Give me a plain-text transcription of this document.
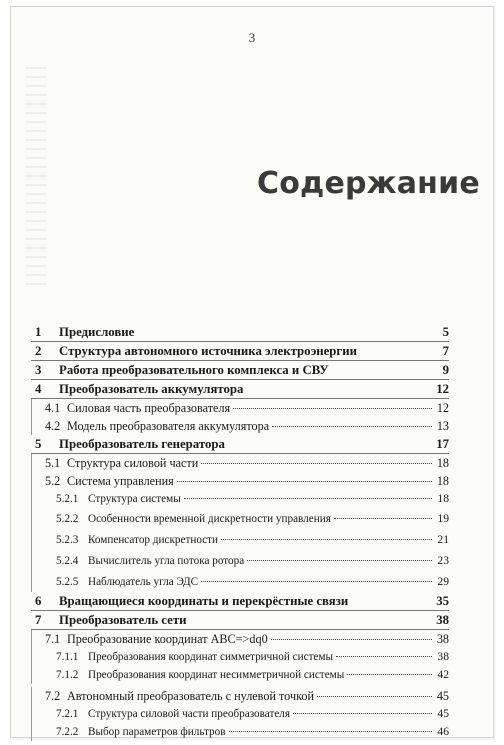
3
Содержание
1	Предисловие	5
2	Структура автономного источника электроэнергии	7
3	Работа преобразовательного комплекса и СВУ	9
4	Преобразователь аккумулятора	12
4.1 Силовая часть преобразователя	12
4.2 Модель преобразователя аккумулятора	13
5	Преобразователь генератора	17
5.1 Структура силовой части	18
5.2 Система управления	18
5.2.1 Структура системы	18
5.2.2 Особенности временной дискретности управления	19
5.2.3 Компенсатор дискретности	21
5.2.4 Вычислитель угла потока ротора	23
5.2.5 Наблюдатель угла ЭДС	29
6	Вращающиеся координаты и перекрёстные связи	35
7	Преобразователь сети	38
7.1 Преобразование координат ABC=>dq0	38
7.1.1 Преобразования координат симметричной системы	38
7.1.2 Преобразования координат несимметричной системы	42
7.2 Автономный преобразователь с нулевой точкой	45
7.2.1 Структура силовой части преобразователя	45
7.2.2 Выбор параметров фильтров	46
